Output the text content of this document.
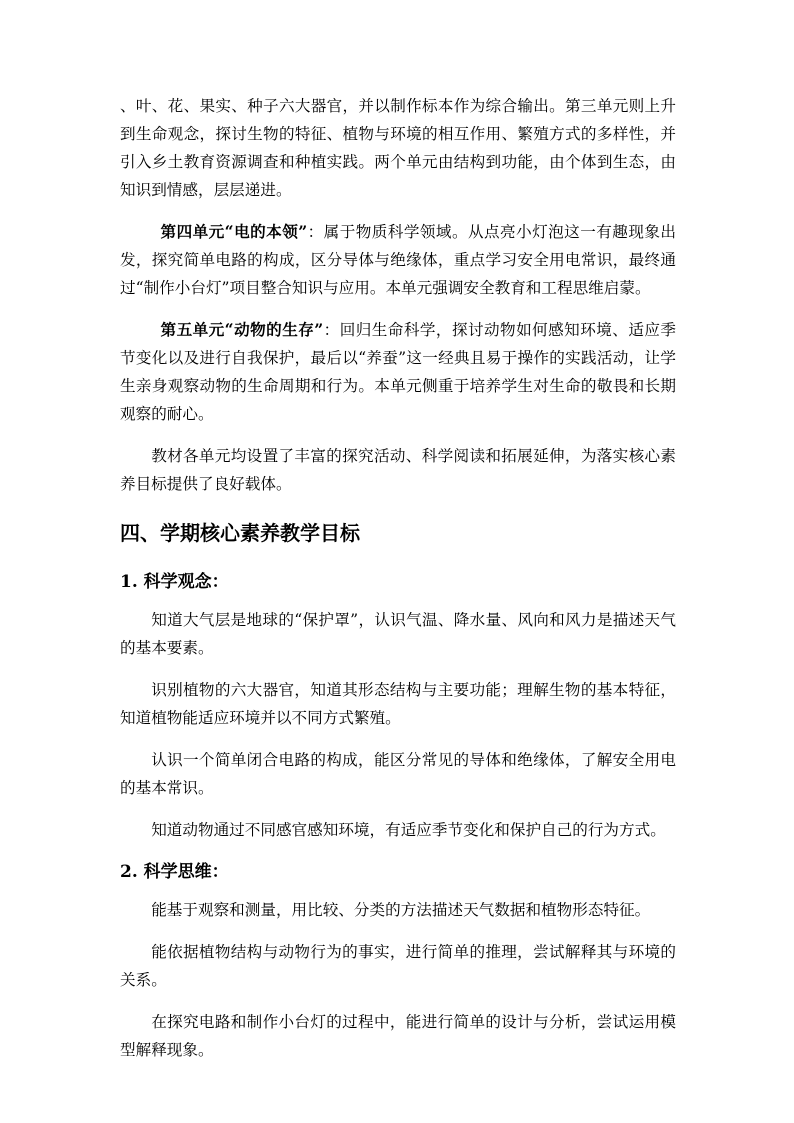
、叶、花、果实、种子六大器官，并以制作标本作为综合输出。第三单元则上升到生命观念，探讨生物的特征、植物与环境的相互作用、繁殖方式的多样性，并引入乡土教育资源调查和种植实践。两个单元由结构到功能，由个体到生态，由知识到情感，层层递进。

第四单元“电的本领”：属于物质科学领域。从点亮小灯泡这一有趣现象出发，探究简单电路的构成，区分导体与绝缘体，重点学习安全用电常识，最终通过“制作小台灯”项目整合知识与应用。本单元强调安全教育和工程思维启蒙。

第五单元“动物的生存”：回归生命科学，探讨动物如何感知环境、适应季节变化以及进行自我保护，最后以“养蚕”这一经典且易于操作的实践活动，让学生亲身观察动物的生命周期和行为。本单元侧重于培养学生对生命的敬畏和长期观察的耐心。

教材各单元均设置了丰富的探究活动、科学阅读和拓展延伸，为落实核心素养目标提供了良好载体。

四、学期核心素养教学目标
1. 科学观念：

知道大气层是地球的“保护罩”，认识气温、降水量、风向和风力是描述天气的基本要素。

识别植物的六大器官，知道其形态结构与主要功能；理解生物的基本特征，知道植物能适应环境并以不同方式繁殖。

认识一个简单闭合电路的构成，能区分常见的导体和绝缘体，了解安全用电的基本常识。

知道动物通过不同感官感知环境，有适应季节变化和保护自己的行为方式。

2. 科学思维：

能基于观察和测量，用比较、分类的方法描述天气数据和植物形态特征。

能依据植物结构与动物行为的事实，进行简单的推理，尝试解释其与环境的关系。

在探究电路和制作小台灯的过程中，能进行简单的设计与分析，尝试运用模型解释现象。
